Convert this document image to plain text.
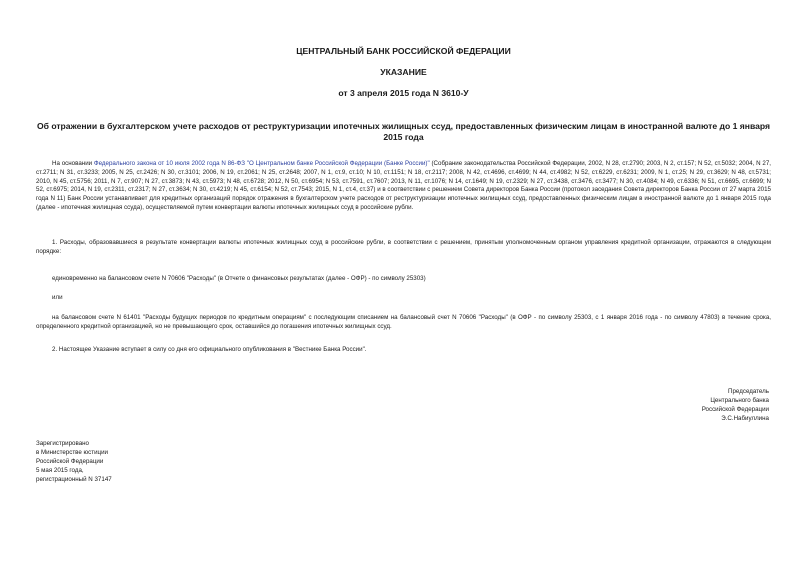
ЦЕНТРАЛЬНЫЙ БАНК РОССИЙСКОЙ ФЕДЕРАЦИИ
УКАЗАНИЕ
от 3 апреля 2015 года N 3610-У
Об отражении в бухгалтерском учете расходов от реструктуризации ипотечных жилищных ссуд, предоставленных физическим лицам в иностранной валюте до 1 января 2015 года
На основании Федерального закона от 10 июля 2002 года N 86-ФЗ "О Центральном банке Российской Федерации (Банке России)" (Собрание законодательства Российской Федерации, 2002, N 28, ст.2790; 2003, N 2, ст.157; N 52, ст.5032; 2004, N 27, ст.2711; N 31, ст.3233; 2005, N 25, ст.2426; N 30, ст.3101; 2006, N 19, ст.2061; N 25, ст.2648; 2007, N 1, ст.9, ст.10; N 10, ст.1151; N 18, ст.2117; 2008, N 42, ст.4696, ст.4699; N 44, ст.4982; N 52, ст.6229, ст.6231; 2009, N 1, ст.25; N 29, ст.3629; N 48, ст.5731; 2010, N 45, ст.5756; 2011, N 7, ст.907; N 27, ст.3873; N 43, ст.5973; N 48, ст.6728; 2012, N 50, ст.6954; N 53, ст.7591, ст.7607; 2013, N 11, ст.1076; N 14, ст.1649; N 19, ст.2329; N 27, ст.3438, ст.3476, ст.3477; N 30, ст.4084; N 49, ст.6336; N 51, ст.6695, ст.6699; N 52, ст.6975; 2014, N 19, ст.2311, ст.2317; N 27, ст.3634; N 30, ст.4219; N 45, ст.6154; N 52, ст.7543; 2015, N 1, ст.4, ст.37) и в соответствии с решением Совета директоров Банка России (протокол заседания Совета директоров Банка России от 27 марта 2015 года N 11) Банк России устанавливает для кредитных организаций порядок отражения в бухгалтерском учете расходов от реструктуризации ипотечных жилищных ссуд, предоставленных физическим лицам в иностранной валюте до 1 января 2015 года (далее - ипотечная жилищная ссуда), осуществляемой путем конвертации валюты ипотечных жилищных ссуд в российские рубли.
1. Расходы, образовавшиеся в результате конвертации валюты ипотечных жилищных ссуд в российские рубли, в соответствии с решением, принятым уполномоченным органом управления кредитной организации, отражаются в следующем порядке:
единовременно на балансовом счете N 70606 "Расходы" (в Отчете о финансовых результатах (далее - ОФР) - по символу 25303)
или
на балансовом счете N 61401 "Расходы будущих периодов по кредитным операциям" с последующим списанием на балансовый счет N 70606 "Расходы" (в ОФР - по символу 25303, с 1 января 2016 года - по символу 47803) в течение срока, определенного кредитной организацией, но не превышающего срок, оставшийся до погашения ипотечных жилищных ссуд.
2. Настоящее Указание вступает в силу со дня его официального опубликования в "Вестнике Банка России".
Председатель
Центрального банка
Российской Федерации
Э.С.Набиуллина
Зарегистрировано
в Министерстве юстиции
Российской Федерации
5 мая 2015 года,
регистрационный N 37147
